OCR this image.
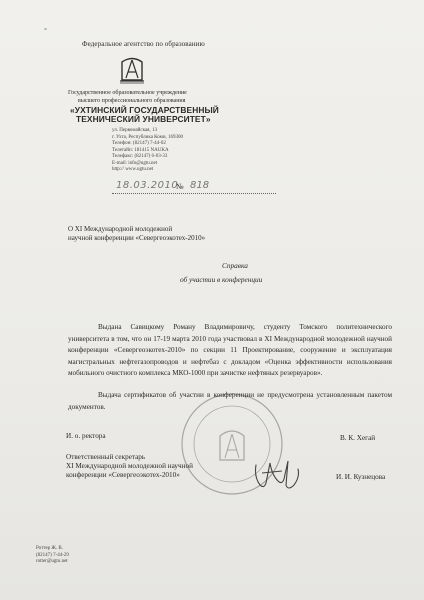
Федеральное агентство по образованию
Государственное образовательное учреждение
высшего профессионального образования
«УХТИНСКИЙ ГОСУДАРСТВЕННЫЙ
ТЕХНИЧЕСКИЙ УНИВЕРСИТЕТ»
ул. Первомайская, 13
г. Ухта, Республика Коми, 169300
Телефон: (82147) 7-44-02
Телетайп: 181415 NAUKA
Телефакс: (82147) 6-03-33
E-mail: info@ugtu.net
http:// www.ugtu.net
18.03.2010
№ 818
О XI Международной молодежной
научной конференции «Севергеоэкотех-2010»
Справка
об участии в конференции

Выдана Савицкому Роману Владимировичу, студенту Томского политехнического университета в том, что он 17-19 марта 2010 года участвовал в XI Международной молодежной научной конференции «Севергеоэкотех-2010» по секции 11 Проектирование, сооружение и эксплуатация магистральных нефтегазопроводов и нефтебаз с докладом «Оценка эффективности использования мобильного очистного комплекса МКО-1000 при зачистке нефтяных резервуаров».

Выдача сертификатов об участии в конференции не предусмотрена установленным пакетом документов.

И. о. ректора	В. К. Хегай
Ответственный секретарь
XI Международной молодежной научной
конференции «Севергеоэкотех-2010»	И. И. Кузнецова
Роттер Ж. В.
(82147) 7-44-29
rotter@ugtu.net
